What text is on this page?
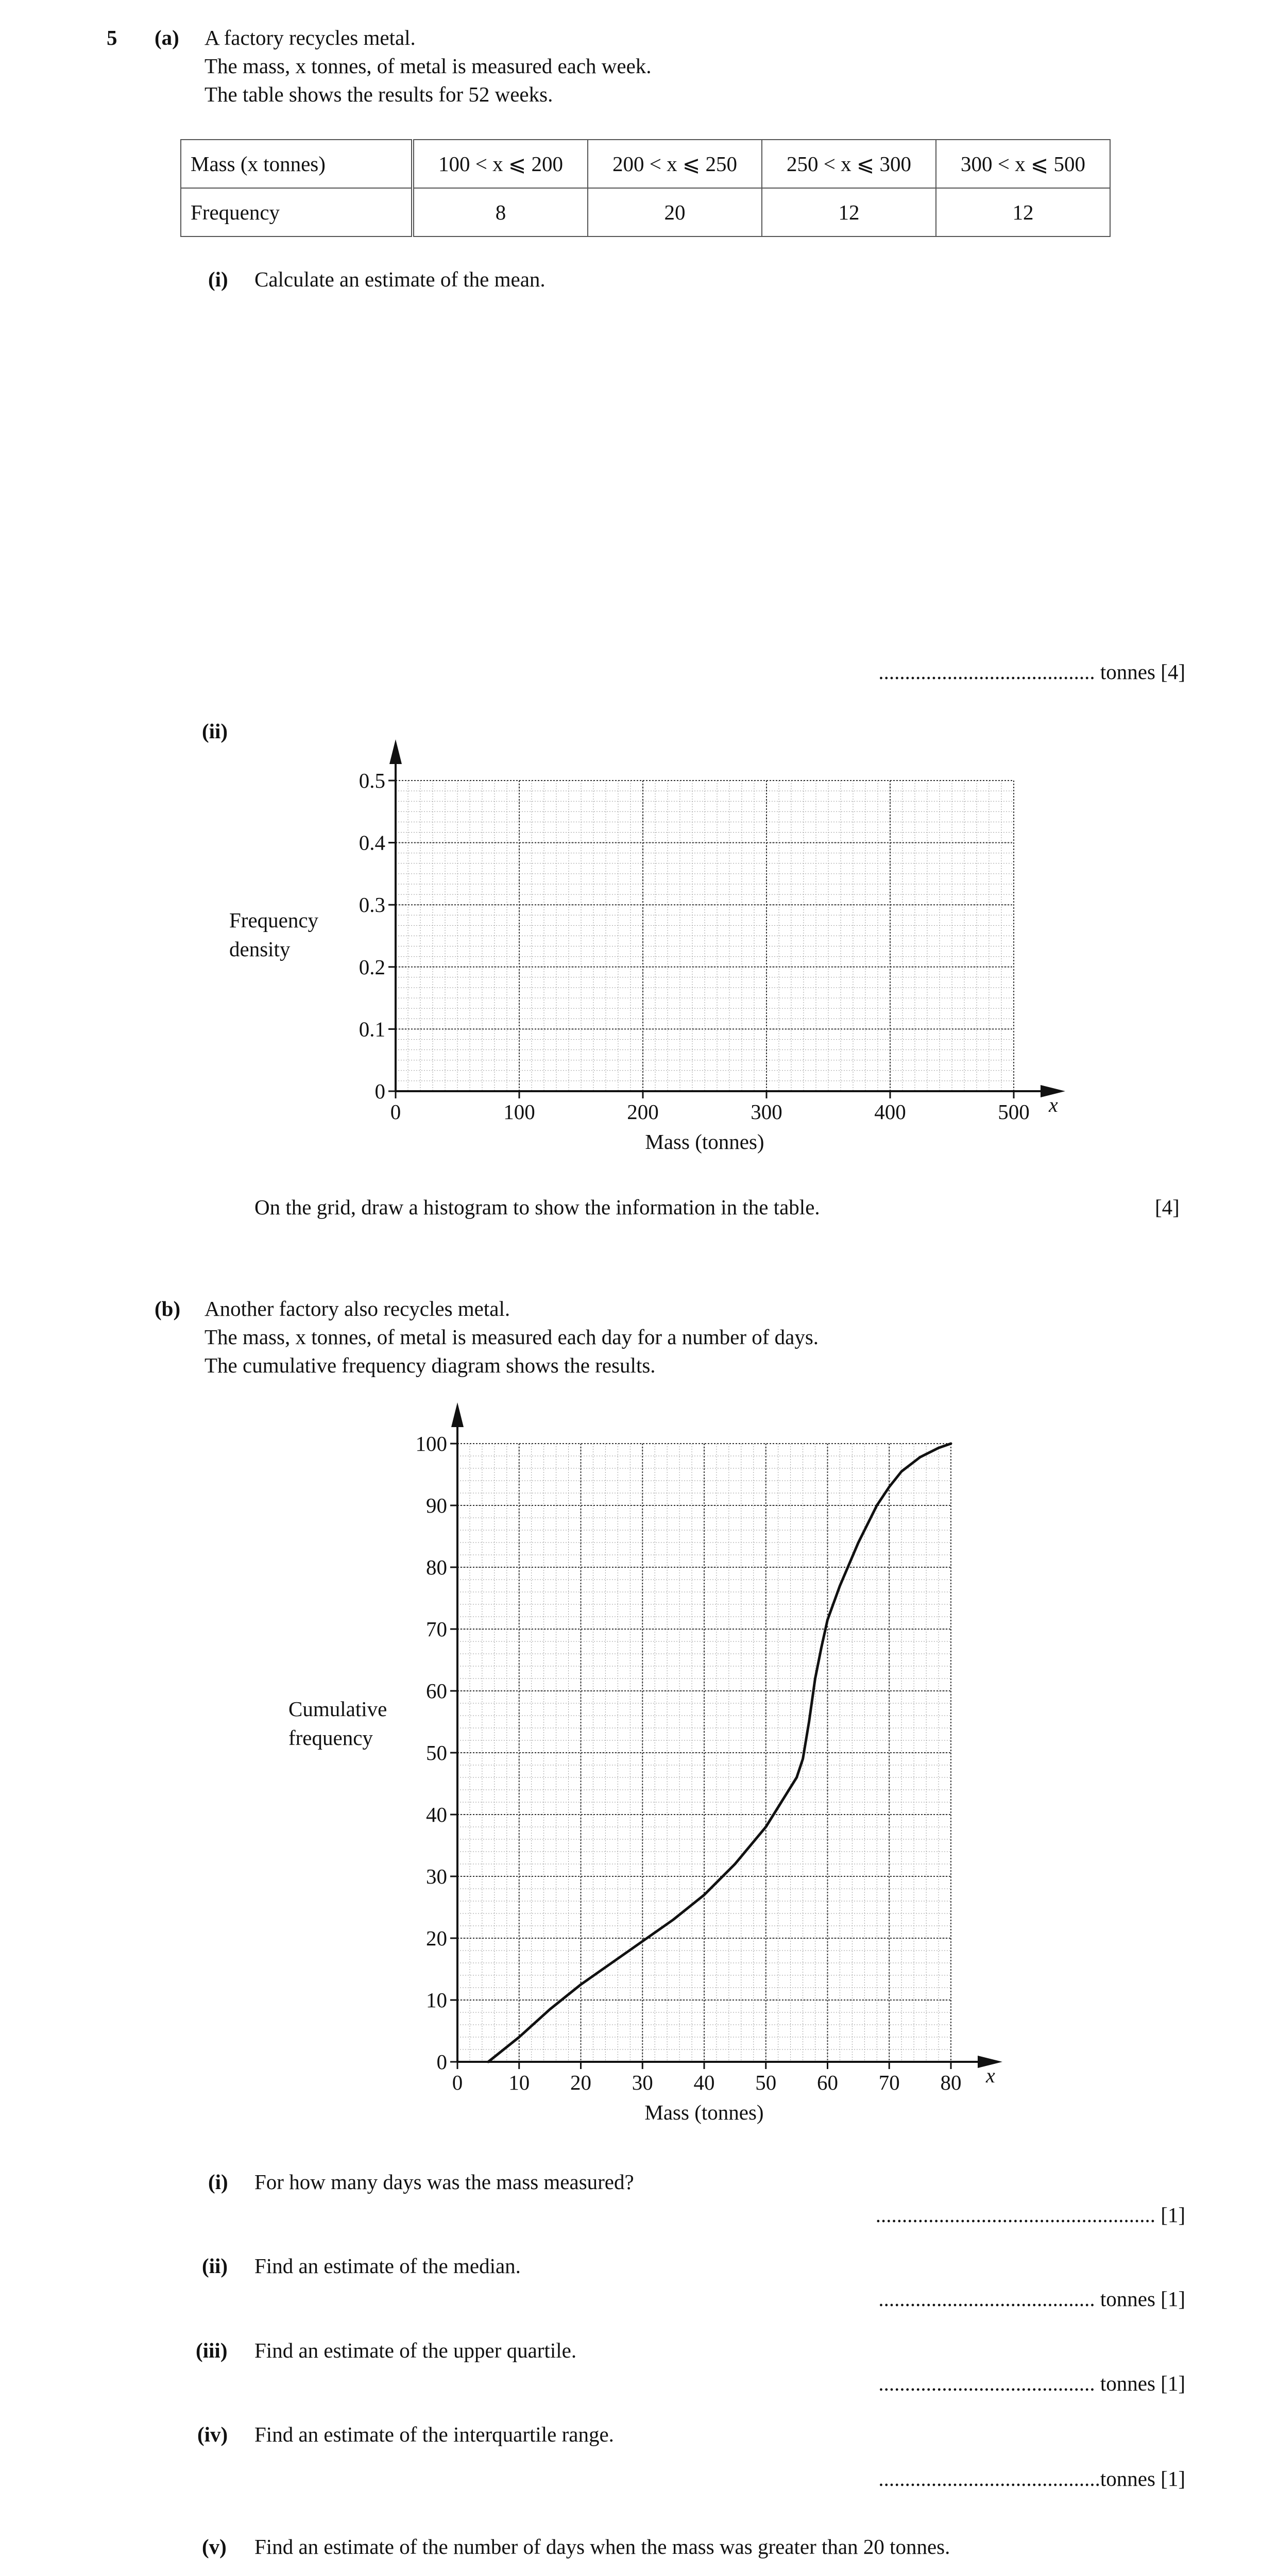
5 (a) A factory recycles metal.
The mass, x tonnes, of metal is measured each week.
The table shows the results for 52 weeks.
Mass (x tonnes)	100 < x ⩽ 200	200 < x ⩽ 250	250 < x ⩽ 300	300 < x ⩽ 500
Frequency	8	20	12	12
(i) Calculate an estimate of the mean.
......................................... tonnes [4]
(ii)
x
0	100	200	300	400	500
0
0.1
0.2
0.3
0.4
0.5
Mass (tonnes)
Frequency
density
On the grid, draw a histogram to show the information in the table.	[4]
(b) Another factory also recycles metal.
The mass, x tonnes, of metal is measured each day for a number of days.
The cumulative frequency diagram shows the results.
x
0 10 20 30 40 50 60 70 80
0
10
20
30
40
50
60
70
80
90
100
Mass (tonnes)
Cumulative
frequency
(i) For how many days was the mass measured?
..................................................... [1]
(ii) Find an estimate of the median.
......................................... tonnes [1]
(iii) Find an estimate of the upper quartile.
......................................... tonnes [1]
(iv) Find an estimate of the interquartile range.
..........................................tonnes [1]
(v) Find an estimate of the number of days when the mass was greater than 20 tonnes.
